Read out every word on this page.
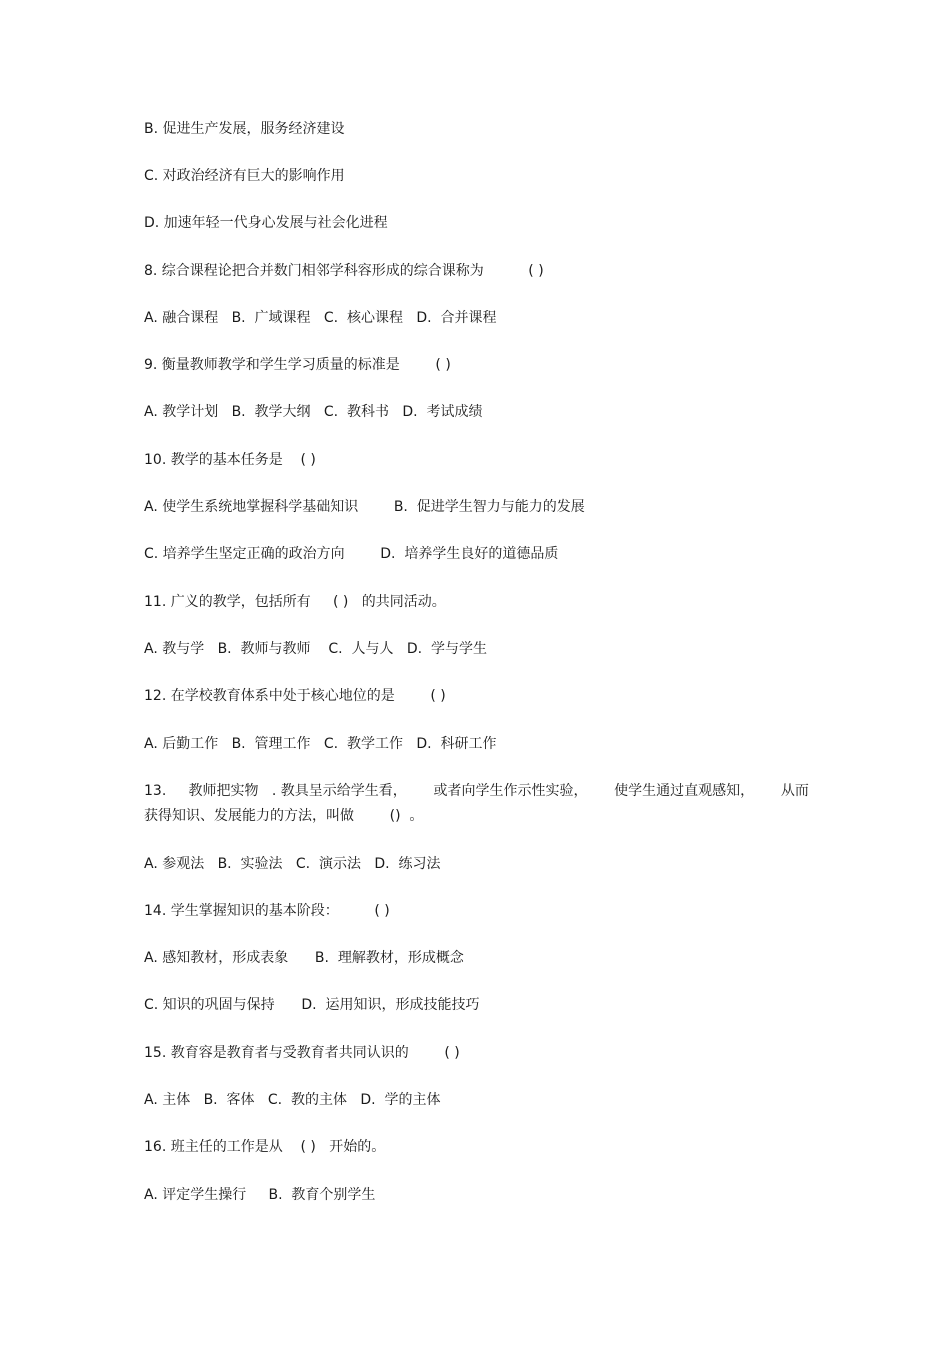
B. 促进生产发展，服务经济建设
C. 对政治经济有巨大的影响作用
D. 加速年轻一代身心发展与社会化进程
8. 综合课程论把合并数门相邻学科容形成的综合课称为          ( )
A. 融合课程   B.  广域课程   C.  核心课程   D.  合并课程
9. 衡量教师教学和学生学习质量的标准是        ( )
A. 教学计划   B.  教学大纲   C.  教科书   D.  考试成绩
10. 教学的基本任务是    ( )
A. 使学生系统地掌握科学基础知识        B.  促进学生智力与能力的发展
C. 培养学生坚定正确的政治方向        D.  培养学生良好的道德品质
11. 广义的教学，包括所有     ( )   的共同活动。
A. 教与学   B.  教师与教师    C.  人与人   D.  学与学生
12. 在学校教育体系中处于核心地位的是        ( )
A. 后勤工作   B.  管理工作   C.  教学工作   D.  科研工作
13.     教师把实物   . 教具呈示给学生看，      或者向学生作示性实验，      使学生通过直观感知，      从而
获得知识、发展能力的方法，叫做        ()  。
A. 参观法   B.  实验法   C.  演示法   D.  练习法
14. 学生掌握知识的基本阶段：        ( )
A. 感知教材，形成表象      B.  理解教材，形成概念
C. 知识的巩固与保持      D.  运用知识，形成技能技巧
15. 教育容是教育者与受教育者共同认识的        ( )
A. 主体   B.  客体   C.  教的主体   D.  学的主体
16. 班主任的工作是从    ( )   开始的。
A. 评定学生操行     B.  教育个别学生
